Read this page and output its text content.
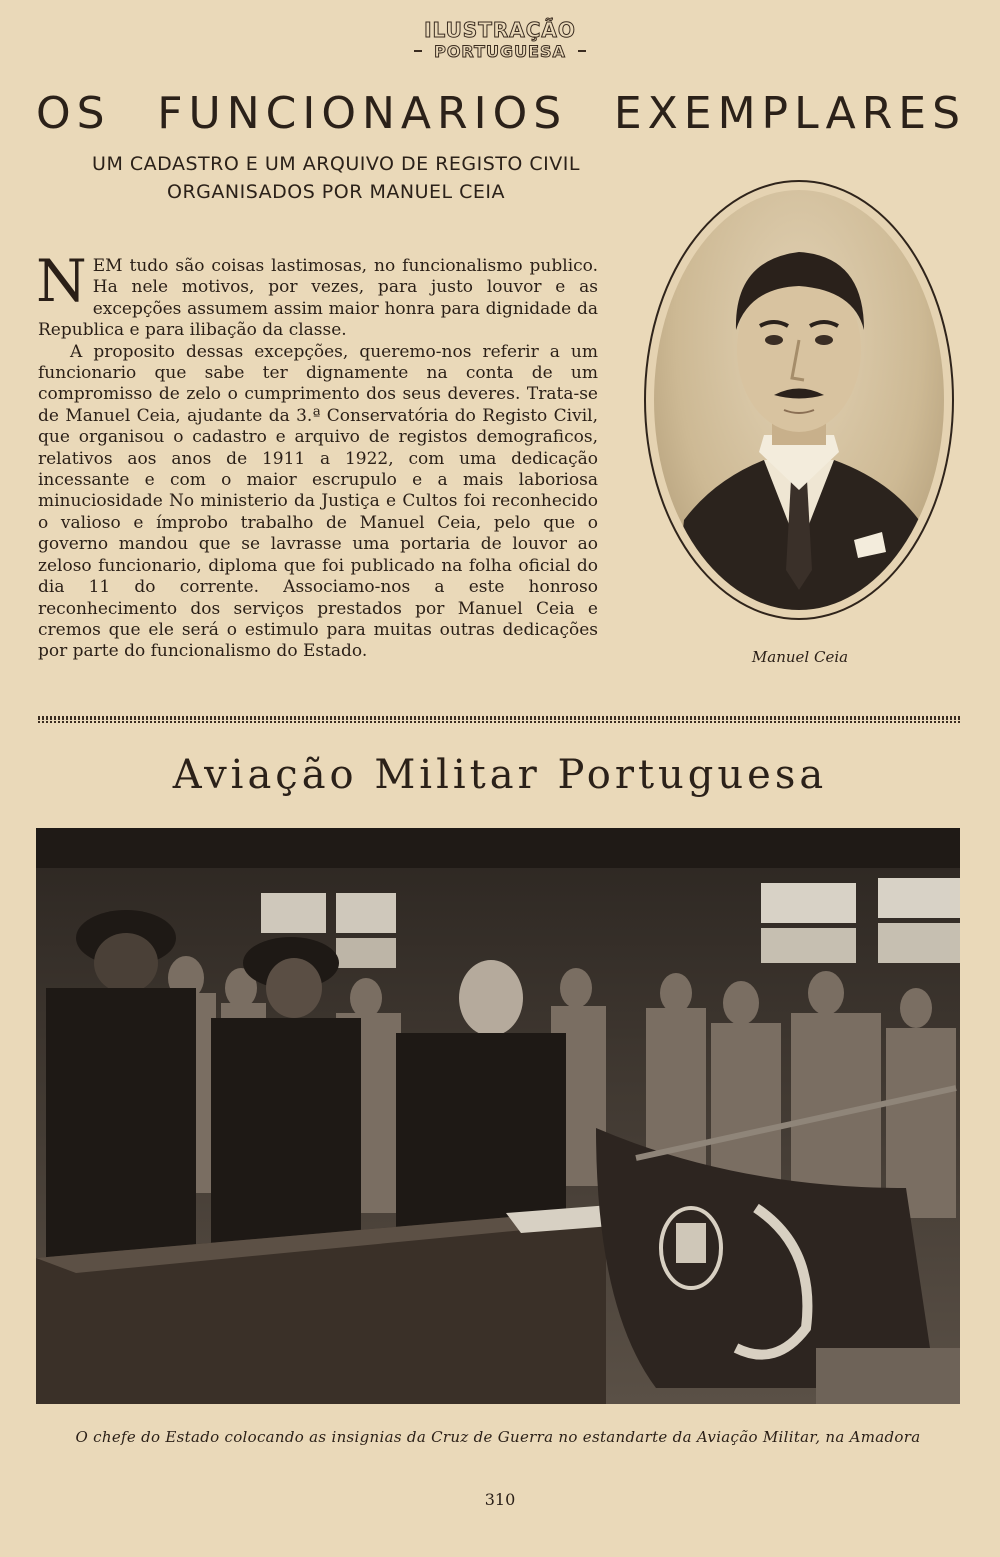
ILUSTRAÇÃO
PORTUGUESA
OS FUNCIONARIOS EXEMPLARES
UM CADASTRO E UM ARQUIVO DE REGISTO CIVIL
ORGANISADOS POR MANUEL CEIA

NEM tudo são coisas lastimosas, no funcionalismo publico. Ha nele motivos, por vezes, para justo louvor e as excepções assumem assim maior honra para dignidade da Republica e para ilibação da classe.

A proposito dessas excepções, queremo-nos referir a um funcionario que sabe ter dignamente na conta de um compromisso de zelo o cumprimento dos seus deveres. Trata-se de Manuel Ceia, ajudante da 3.ª Conservatória do Registo Civil, que organisou o cadastro e arquivo de registos demograficos, relativos aos anos de 1911 a 1922, com uma dedicação incessante e com o maior escrupulo e a mais laboriosa minuciosidade No ministerio da Justiça e Cultos foi reconhecido o valioso e ímprobo trabalho de Manuel Ceia, pelo que o governo mandou que se lavrasse uma portaria de louvor ao zeloso funcionario, diploma que foi publicado na folha oficial do dia 11 do corrente. Associamo-nos a este honroso reconhecimento dos serviços prestados por Manuel Ceia e cremos que ele será o estimulo para muitas outras dedicações por parte do funcionalismo do Estado.	Manuel Ceia
Aviação Militar Portuguesa
O chefe do Estado colocando as insignias da Cruz de Guerra no estandarte da Aviação Militar, na Amadora
310
